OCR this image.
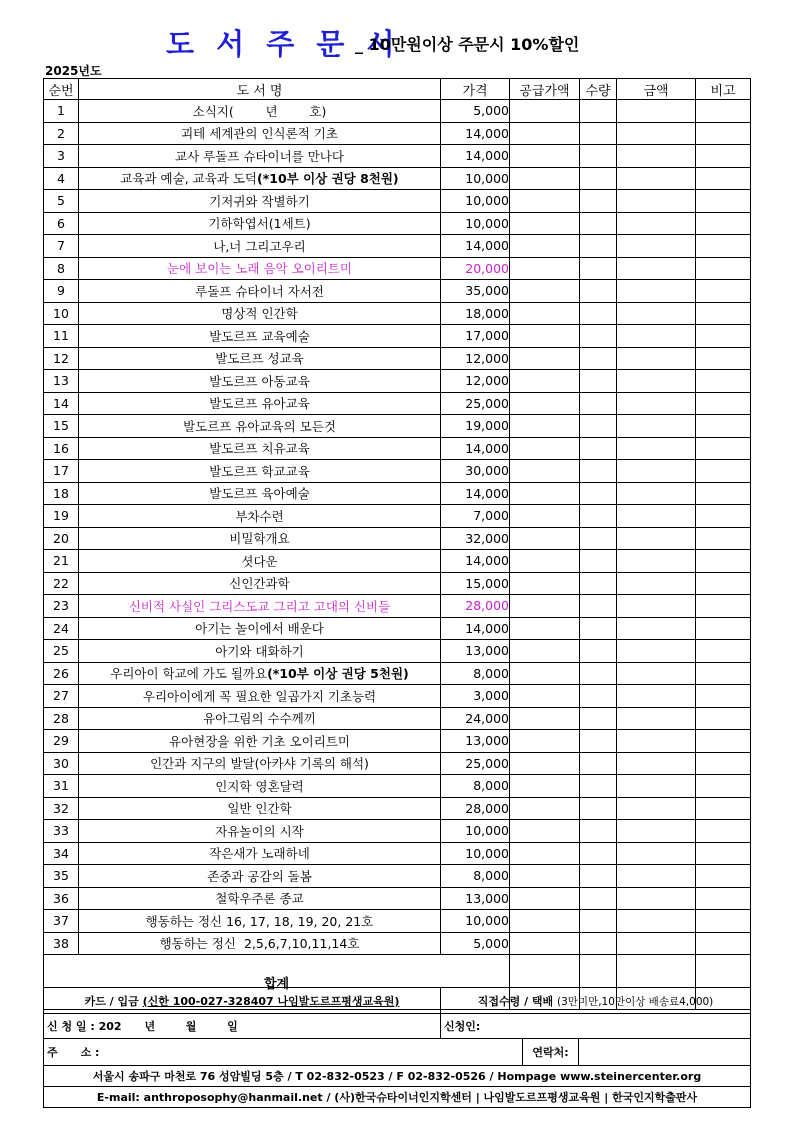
도 서 주 문 서
_ 10만원이상 주문시 10%할인
2025년도
순번	도 서 명	가격	공급가액	수량	금액	비고
1	소식지(        년        호)	5,000				
2	괴테 세계관의 인식론적 기초	14,000				
3	교사 루돌프 슈타이너를 만나다	14,000				
4	교육과 예술, 교육과 도덕(*10부 이상 권당 8천원)	10,000				
5	기저귀와 작별하기	10,000				
6	기하학엽서(1세트)	10,000				
7	나,너 그리고우리	14,000				
8	눈에 보이는 노래 음악 오이리트미	20,000				
9	루돌프 슈타이너 자서전	35,000				
10	명상적 인간학	18,000				
11	발도르프 교육예술	17,000				
12	발도르프 성교육	12,000				
13	발도르프 아동교육	12,000				
14	발도르프 유아교육	25,000				
15	발도르프 유아교육의 모든것	19,000				
16	발도르프 치유교육	14,000				
17	발도르프 학교교육	30,000				
18	발도르프 육아예술	14,000				
19	부차수련	7,000				
20	비밀학개요	32,000				
21	셧다운	14,000				
22	신인간과학	15,000				
23	신비적 사실인 그리스도교 그리고 고대의 신비들	28,000				
24	아기는 놀이에서 배운다	14,000				
25	아기와 대화하기	13,000				
26	우리아이 학교에 가도 될까요(*10부 이상 권당 5천원)	8,000				
27	우리아이에게 꼭 필요한 일곱가지 기초능력	3,000				
28	유아그림의 수수께끼	24,000				
29	유아현장을 위한 기초 오이리트미	13,000				
30	인간과 지구의 발달(아카샤 기록의 해석)	25,000				
31	인지학 영혼달력	8,000				
32	일반 인간학	28,000				
33	자유놀이의 시작	10,000				
34	작은새가 노래하네	10,000				
35	존중과 공감의 돌봄	8,000				
36	철학우주론 종교	13,000				
37	행동하는 정신 16, 17, 18, 19, 20, 21호	10,000				
38	행동하는 정신  2,5,6,7,10,11,14호	5,000				
합계						
카드 / 입금 (신한 100-027-328407 나임발도르프평생교육원)	직접수령 / 택배 (3만미만,10만이상 배송료4,000)		
신 청 일 : 202      년        월        일	신청인:		
주      소 :		연락처:	
서울시 송파구 마천로 76 성암빌딩 5층 / T 02-832-0523 / F 02-832-0526 / Hompage www.steinercenter.org			
E-mail: anthroposophy@hanmail.net / (사)한국슈타이너인지학센터 | 나임발도르프평생교육원 | 한국인지학출판사			
